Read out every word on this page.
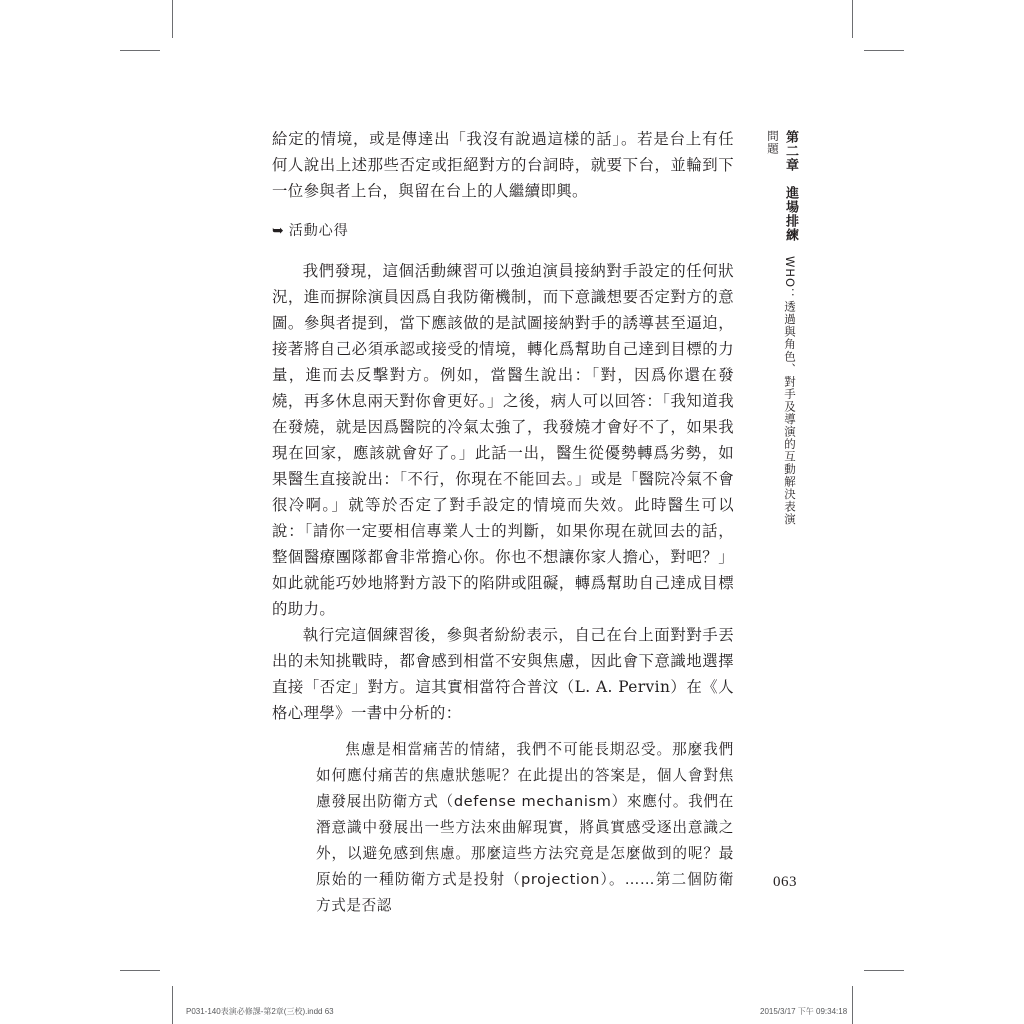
給定的情境，或是傳達出「我沒有說過這樣的話」。若是台上有任何人說出上述那些否定或拒絕對方的台詞時，就要下台，並輪到下一位參與者上台，與留在台上的人繼續即興。

➥ 活動心得

我們發現，這個活動練習可以強迫演員接納對手設定的任何狀況，進而摒除演員因爲自我防衛機制，而下意識想要否定對方的意圖。參與者提到，當下應該做的是試圖接納對手的誘導甚至逼迫，接著將自己必須承認或接受的情境，轉化爲幫助自己達到目標的力量，進而去反擊對方。例如，當醫生說出：「對，因爲你還在發燒，再多休息兩天對你會更好。」之後，病人可以回答：「我知道我在發燒，就是因爲醫院的冷氣太強了，我發燒才會好不了，如果我現在回家，應該就會好了。」此話一出，醫生從優勢轉爲劣勢，如果醫生直接說出：「不行，你現在不能回去。」或是「醫院冷氣不會很冷啊。」就等於否定了對手設定的情境而失效。此時醫生可以說：「請你一定要相信專業人士的判斷，如果你現在就回去的話，整個醫療團隊都會非常擔心你。你也不想讓你家人擔心，對吧？」如此就能巧妙地將對方設下的陷阱或阻礙，轉爲幫助自己達成目標的助力。

執行完這個練習後，參與者紛紛表示，自己在台上面對對手丟出的未知挑戰時，都會感到相當不安與焦慮，因此會下意識地選擇直接「否定」對方。這其實相當符合普汶（L. A. Pervin）在《人格心理學》一書中分析的：

焦慮是相當痛苦的情緒，我們不可能長期忍受。那麼我們如何應付痛苦的焦慮狀態呢？在此提出的答案是，個人會對焦慮發展出防衛方式（defense mechanism）來應付。我們在潛意識中發展出一些方法來曲解現實，將眞實感受逐出意識之外，以避免感到焦慮。那麼這些方法究竟是怎麼做到的呢？最原始的一種防衛方式是投射（projection）。……第二個防衛方式是否認

第二章進場排練WHO：透過與角色、對手及導演的互動解決表演問題
063
P031-140表演必修課-第2章(三校).indd 63	2015/3/17 下午 09:34:18
